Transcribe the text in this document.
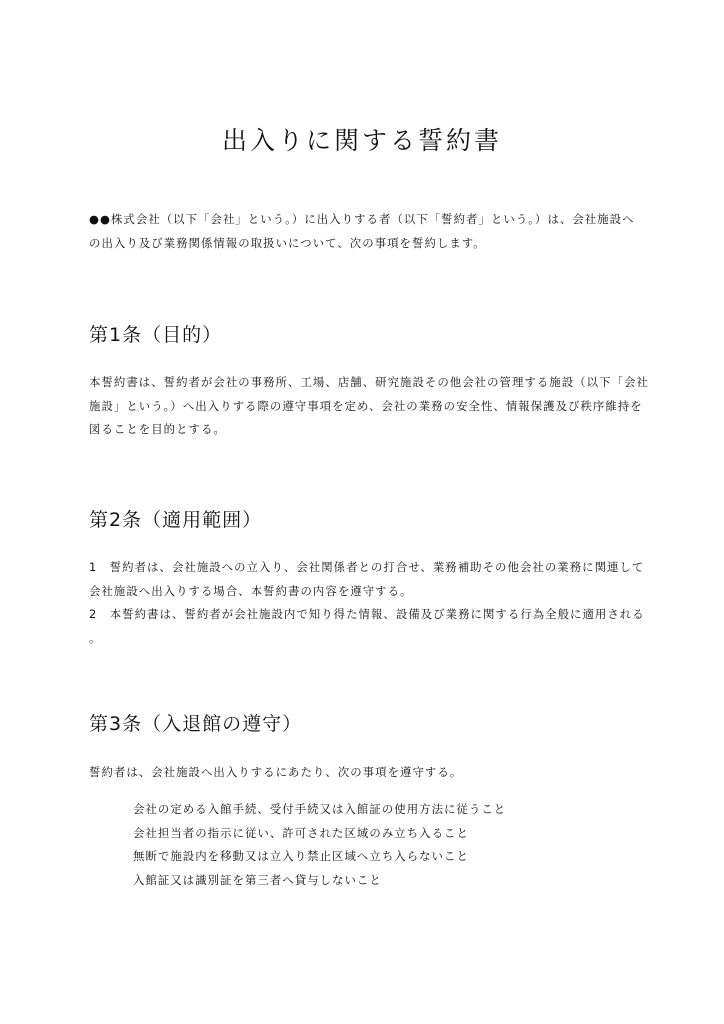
出入りに関する誓約書

●●株式会社（以下「会社」という。）に出入りする者（以下「誓約者」という。）は、会社施設へ
の出入り及び業務関係情報の取扱いについて、次の事項を誓約します。

第1条（目的）

本誓約書は、誓約者が会社の事務所、工場、店舗、研究施設その他会社の管理する施設（以下「会社
施設」という。）へ出入りする際の遵守事項を定め、会社の業務の安全性、情報保護及び秩序維持を
図ることを目的とする。

第2条（適用範囲）

1　誓約者は、会社施設への立入り、会社関係者との打合せ、業務補助その他会社の業務に関連して
会社施設へ出入りする場合、本誓約書の内容を遵守する。
2　本誓約書は、誓約者が会社施設内で知り得た情報、設備及び業務に関する行為全般に適用される
。

第3条（入退館の遵守）

誓約者は、会社施設へ出入りするにあたり、次の事項を遵守する。

会社の定める入館手続、受付手続又は入館証の使用方法に従うこと
会社担当者の指示に従い、許可された区域のみ立ち入ること
無断で施設内を移動又は立入り禁止区域へ立ち入らないこと
入館証又は識別証を第三者へ貸与しないこと
